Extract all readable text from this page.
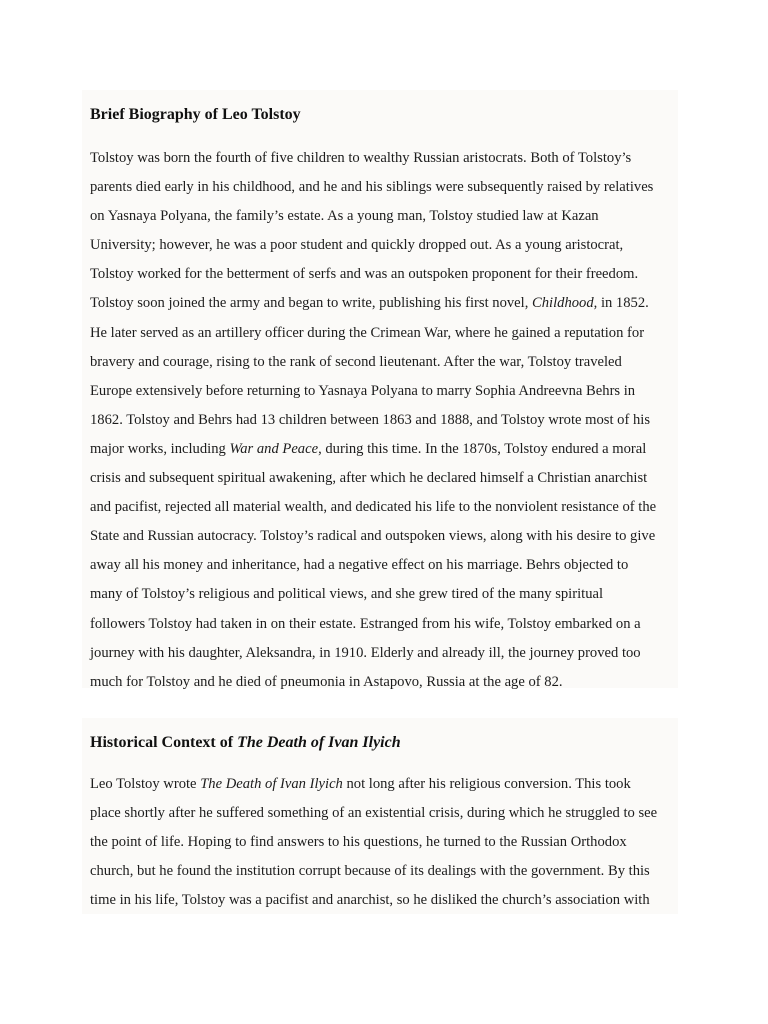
Brief Biography of Leo Tolstoy

Tolstoy was born the fourth of five children to wealthy Russian aristocrats. Both of Tolstoy’s
parents died early in his childhood, and he and his siblings were subsequently raised by relatives
on Yasnaya Polyana, the family’s estate. As a young man, Tolstoy studied law at Kazan
University; however, he was a poor student and quickly dropped out. As a young aristocrat,
Tolstoy worked for the betterment of serfs and was an outspoken proponent for their freedom.
Tolstoy soon joined the army and began to write, publishing his first novel, Childhood, in 1852.
He later served as an artillery officer during the Crimean War, where he gained a reputation for
bravery and courage, rising to the rank of second lieutenant. After the war, Tolstoy traveled
Europe extensively before returning to Yasnaya Polyana to marry Sophia Andreevna Behrs in
1862. Tolstoy and Behrs had 13 children between 1863 and 1888, and Tolstoy wrote most of his
major works, including War and Peace, during this time. In the 1870s, Tolstoy endured a moral
crisis and subsequent spiritual awakening, after which he declared himself a Christian anarchist
and pacifist, rejected all material wealth, and dedicated his life to the nonviolent resistance of the
State and Russian autocracy. Tolstoy’s radical and outspoken views, along with his desire to give
away all his money and inheritance, had a negative effect on his marriage. Behrs objected to
many of Tolstoy’s religious and political views, and she grew tired of the many spiritual
followers Tolstoy had taken in on their estate. Estranged from his wife, Tolstoy embarked on a
journey with his daughter, Aleksandra, in 1910. Elderly and already ill, the journey proved too
much for Tolstoy and he died of pneumonia in Astapovo, Russia at the age of 82.

Historical Context of The Death of Ivan Ilyich

Leo Tolstoy wrote The Death of Ivan Ilyich not long after his religious conversion. This took
place shortly after he suffered something of an existential crisis, during which he struggled to see
the point of life. Hoping to find answers to his questions, he turned to the Russian Orthodox
church, but he found the institution corrupt because of its dealings with the government. By this
time in his life, Tolstoy was a pacifist and anarchist, so he disliked the church’s association with
